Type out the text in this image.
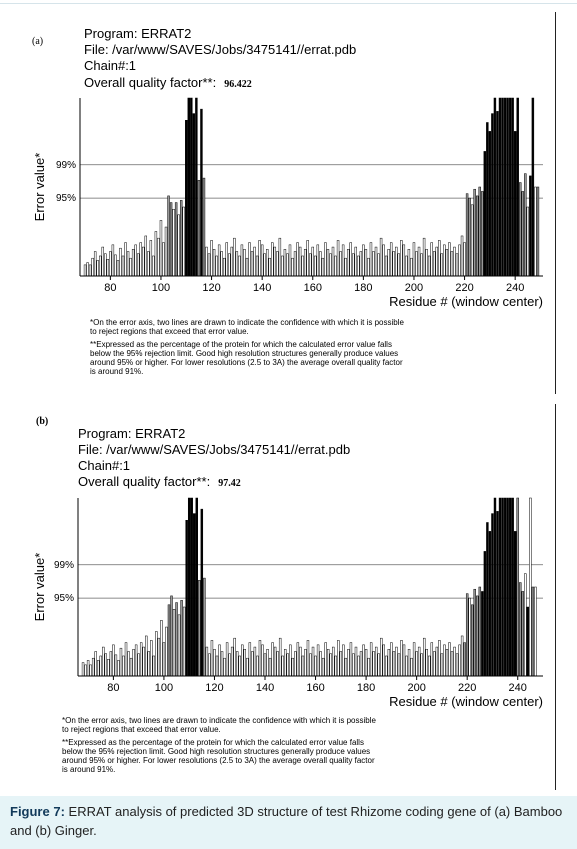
(a)
Program: ERRAT2
File: /var/www/SAVES/Jobs/3475141//errat.pdb
Chain#:1
Overall quality factor**: 96.422
99%
95%
80	100	120	140	160	180	200	220	240
Residue # (window center)
Error value*

*On the error axis, two lines are drawn to indicate the confidence with which it is possible to reject regions that exceed that error value.

**Expressed as the percentage of the protein for which the calculated error value falls below the 95% rejection limit. Good high resolution structures generally produce values around 95% or higher. For lower resolutions (2.5 to 3A) the average overall quality factor is around 91%.

(b)
Program: ERRAT2
File: /var/www/SAVES/Jobs/3475141//errat.pdb
Chain#:1
Overall quality factor**: 97.42
99%
95%
80	100	120	140	160	180	200	220	240
Residue # (window center)
Error value*

*On the error axis, two lines are drawn to indicate the confidence with which it is possible to reject regions that exceed that error value.

**Expressed as the percentage of the protein for which the calculated error value falls below the 95% rejection limit. Good high resolution structures generally produce values around 95% or higher. For lower resolutions (2.5 to 3A) the average overall quality factor is around 91%.

Figure 7: ERRAT analysis of predicted 3D structure of test Rhizome coding gene of (a) Bamboo and (b) Ginger.
